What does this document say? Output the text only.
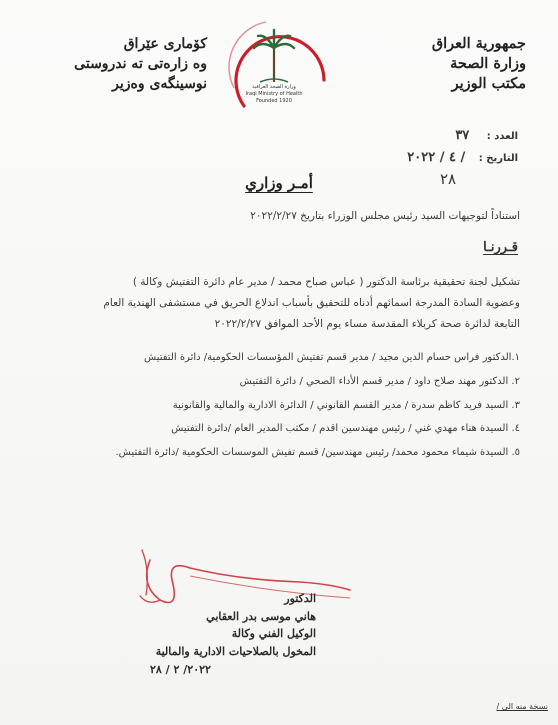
جمهورية العراق
وزارة الصحة
مكتب الوزير
كۆماری عێراق
وه زارەتی ته ندروستی
نوسينگەی وەزير	وزارة الصحة العراقية
Iraqi Ministry of Health
Founded 1920
العدد : ٣٧
التاريخ : / ٤ / ٢٠٢٢
٢٨
أمـر وزاري
استناداً لتوجيهات السيد رئيس مجلس الوزراء بتاريخ ٢٠٢٢/٢/٢٧
قـررنـا
تشكيل لجنة تحقيقية برئاسة الدكتور ( عباس صباح محمد / مدير عام دائرة التفتيش وكالة )
وعضوية السادة المدرجة اسمائهم أدناه للتحقيق بأسباب اندلاع الحريق في مستشفى الهندية العام
التابعة لدائرة صحة كربلاء المقدسة مساء يوم الأحد الموافق ٢٠٢٢/٢/٢٧
١.الدكتور فراس حسام الدين مجيد / مدير قسم تفتيش المؤسسات الحكومية/ دائرة التفتيش
٢. الدكتور مهند صلاح داود / مدير قسم الأداء الصحي / دائرة التفتيش
٣. السيد فريد كاظم سدرة / مدير القسم القانوني / الدائرة الادارية والمالية والقانونية
٤. السيدة هناء مهدي غني / رئيس مهندسين اقدم / مكتب المدير العام /دائرة التفتيش
٥. السيدة شيماء محمود محمد/ رئيس مهندسين/ قسم تفيش الموسسات الحكومية /دائرة التفتيش.
الدكتور
هاني موسى بدر العقابي
الوكيل الفني وكالة
المخول بالصلاحيات الادارية والمالية
٢٠٢٢/ ٢ / ٢٨
نسخة منه الى /
